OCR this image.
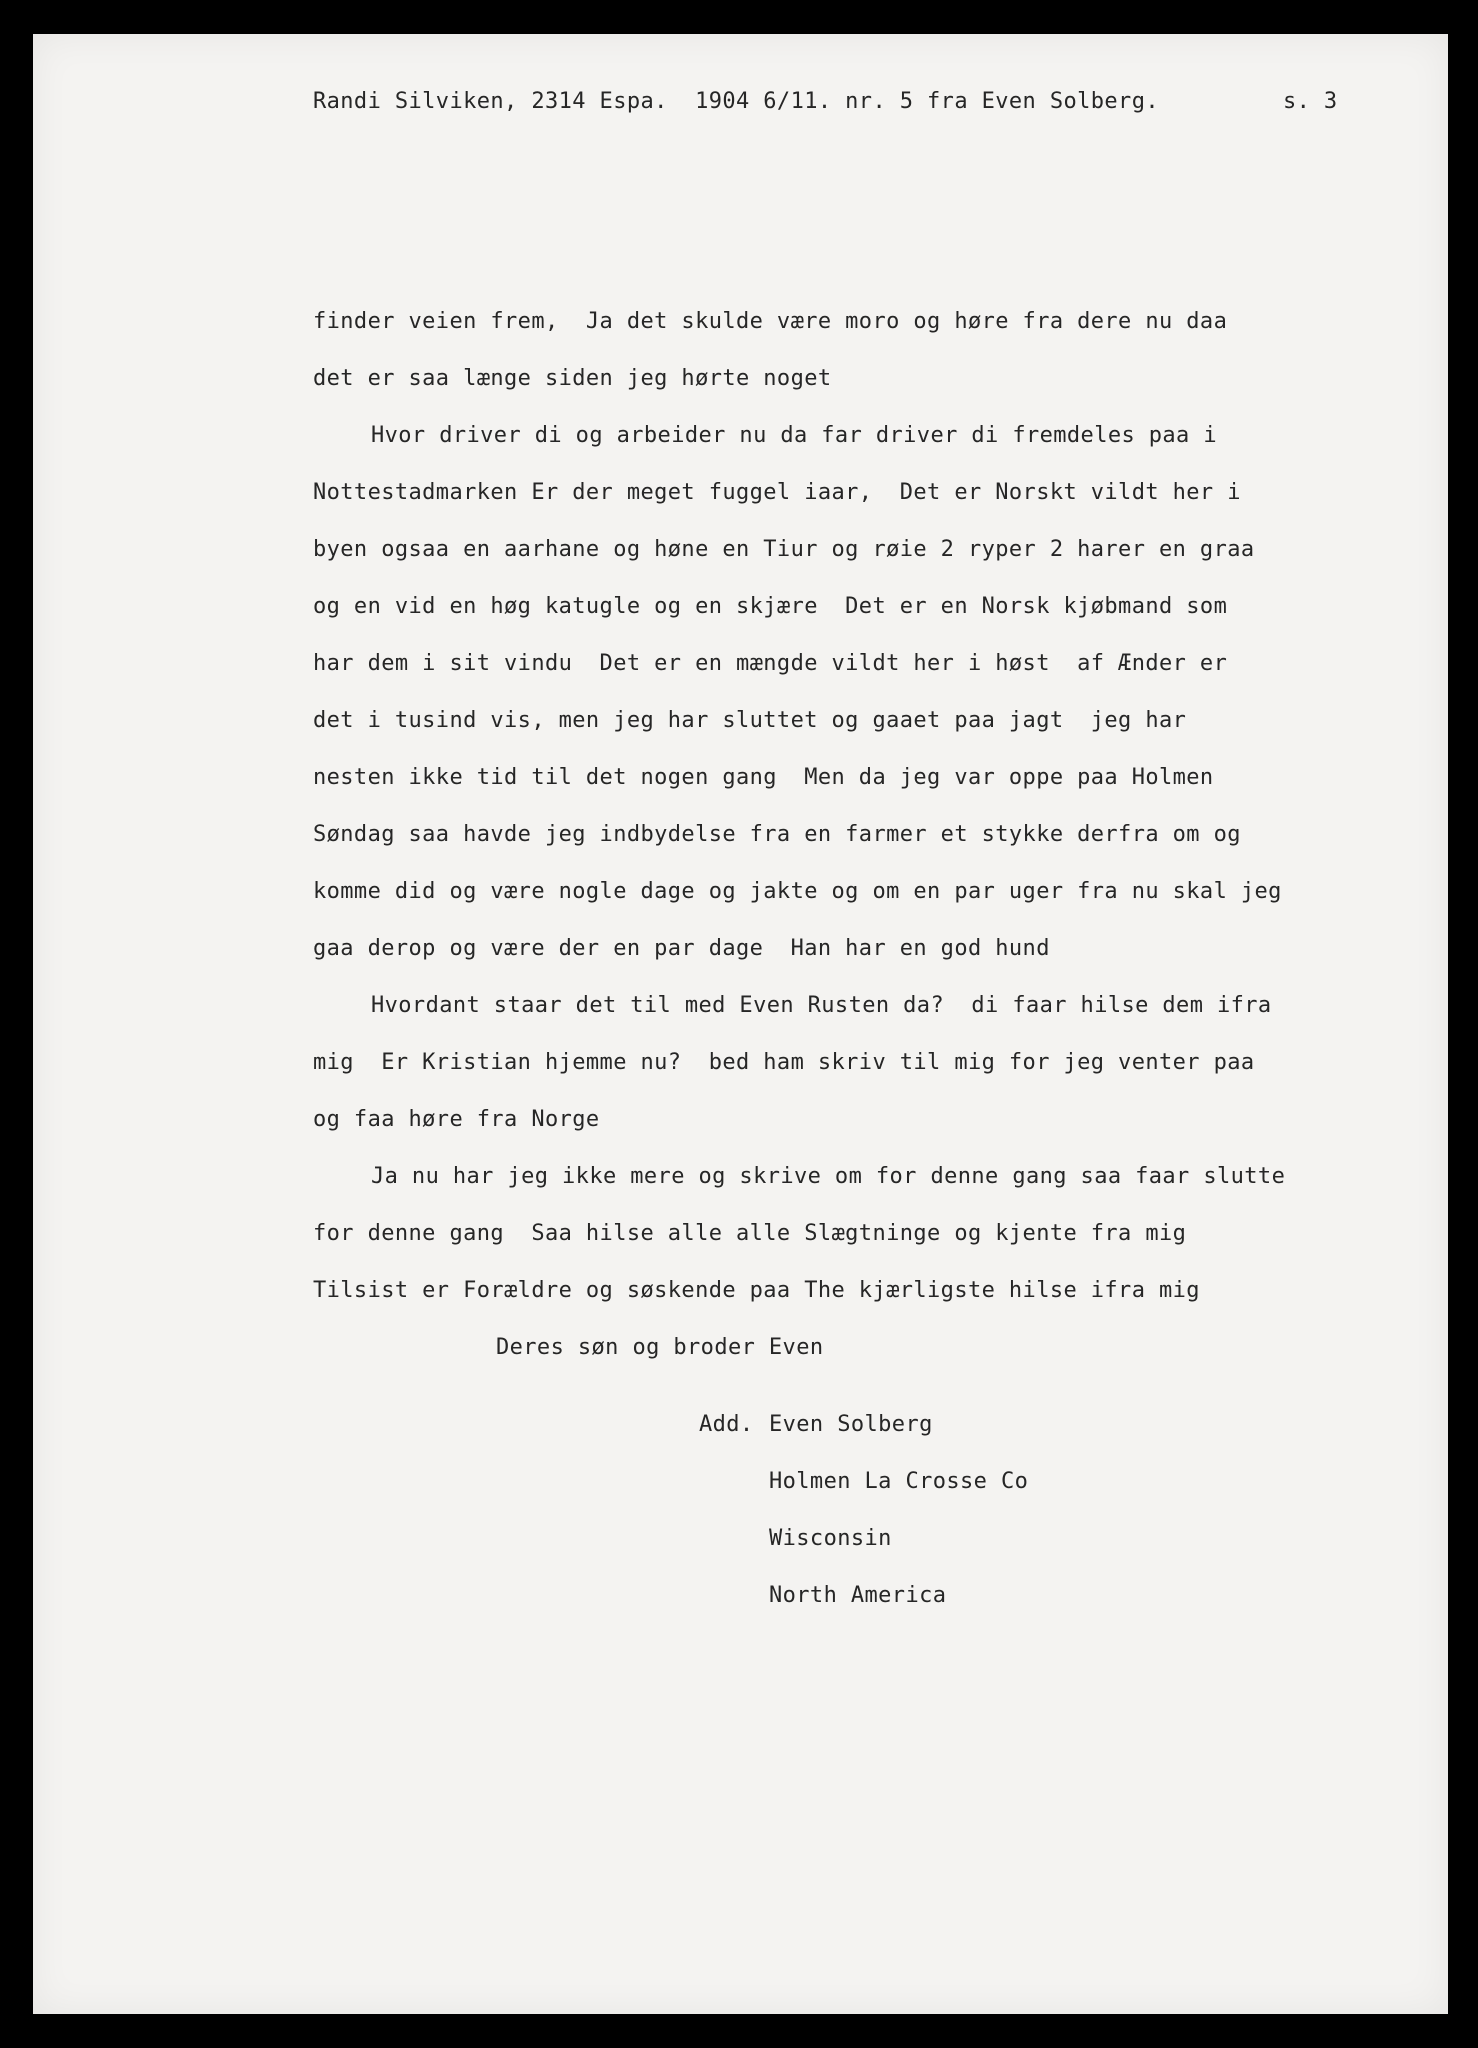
Randi Silviken, 2314 Espa.  1904 6/11. nr. 5 fra Even Solberg.	s. 3
finder veien frem,  Ja det skulde være moro og høre fra dere nu daa
det er saa længe siden jeg hørte noget
Hvor driver di og arbeider nu da far driver di fremdeles paa i
Nottestadmarken Er der meget fuggel iaar,  Det er Norskt vildt her i
byen ogsaa en aarhane og høne en Tiur og røie 2 ryper 2 harer en graa
og en vid en høg katugle og en skjære  Det er en Norsk kjøbmand som
har dem i sit vindu  Det er en mængde vildt her i høst  af Ænder er
det i tusind vis, men jeg har sluttet og gaaet paa jagt  jeg har
nesten ikke tid til det nogen gang  Men da jeg var oppe paa Holmen
Søndag saa havde jeg indbydelse fra en farmer et stykke derfra om og
komme did og være nogle dage og jakte og om en par uger fra nu skal jeg
gaa derop og være der en par dage  Han har en god hund
Hvordant staar det til med Even Rusten da?  di faar hilse dem ifra
mig  Er Kristian hjemme nu?  bed ham skriv til mig for jeg venter paa
og faa høre fra Norge
Ja nu har jeg ikke mere og skrive om for denne gang saa faar slutte
for denne gang  Saa hilse alle alle Slægtninge og kjente fra mig
Tilsist er Forældre og søskende paa The kjærligste hilse ifra mig
Deres søn og broder Even
Add. Even Solberg
Holmen La Crosse Co
Wisconsin
North America
